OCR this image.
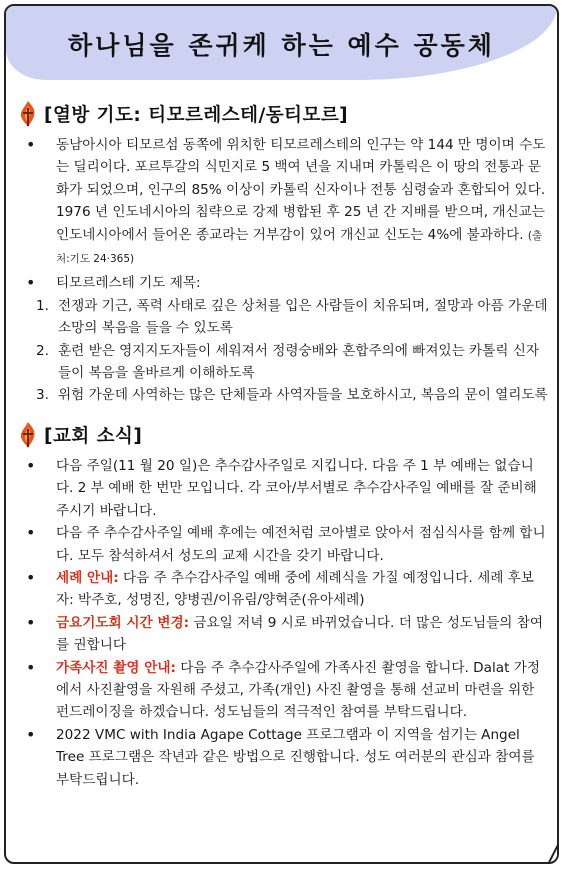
하나님을 존귀케 하는 예수 공동체
[열방 기도: 티모르레스테/동티모르]
• 동남아시아 티모르섬 동쪽에 위치한 티모르레스테의 인구는 약 144 만 명이며 수도는 딜리이다. 포르투갈의 식민지로 5 백여 년을 지내며 카톨릭은 이 땅의 전통과 문화가 되었으며, 인구의 85% 이상이 카톨릭 신자이나 전통 심령술과 혼합되어 있다. 1976 년 인도네시아의 침략으로 강제 병합된 후 25 년 간 지배를 받으며, 개신교는 인도네시아에서 들어온 종교라는 거부감이 있어 개신교 신도는 4%에 불과하다. (출처:기도 24·365)
• 티모르레스테 기도 제목:
1. 전쟁과 기근, 폭력 사태로 깊은 상처를 입은 사람들이 치유되며, 절망과 아픔 가운데 소망의 복음을 들을 수 있도록
2. 훈련 받은 영지지도자들이 세워져서 정령숭배와 혼합주의에 빠져있는 카톨릭 신자들이 복음을 올바르게 이해하도록
3. 위험 가운데 사역하는 많은 단체들과 사역자들을 보호하시고, 복음의 문이 열리도록
[교회 소식]
• 다음 주일(11 월 20 일)은 추수감사주일로 지킵니다. 다음 주 1 부 예배는 없습니다. 2 부 예배 한 번만 모입니다. 각 코아/부서별로 추수감사주일 예배를 잘 준비해 주시기 바랍니다.
• 다음 주 추수감사주일 예배 후에는 예전처럼 코아별로 앉아서 점심식사를 함께 합니다. 모두 참석하셔서 성도의 교제 시간을 갖기 바랍니다.
• 세례 안내: 다음 주 추수감사주일 예배 중에 세례식을 가질 예정입니다. 세례 후보자: 박주호, 성명진, 양병권/이유림/양혁준(유아세례)
• 금요기도회 시간 변경: 금요일 저녁 9 시로 바뀌었습니다. 더 많은 성도님들의 참여를 권합니다
• 가족사진 촬영 안내: 다음 주 추수감사주일에 가족사진 촬영을 합니다. Dalat 가정에서 사진촬영을 자원해 주셨고, 가족(개인) 사진 촬영을 통해 선교비 마련을 위한 펀드레이징을 하겠습니다. 성도님들의 적극적인 참여를 부탁드립니다.
• 2022 VMC with India Agape Cottage 프로그램과 이 지역을 섬기는 Angel Tree 프로그램은 작년과 같은 방법으로 진행합니다. 성도 여러분의 관심과 참여를 부탁드립니다.
